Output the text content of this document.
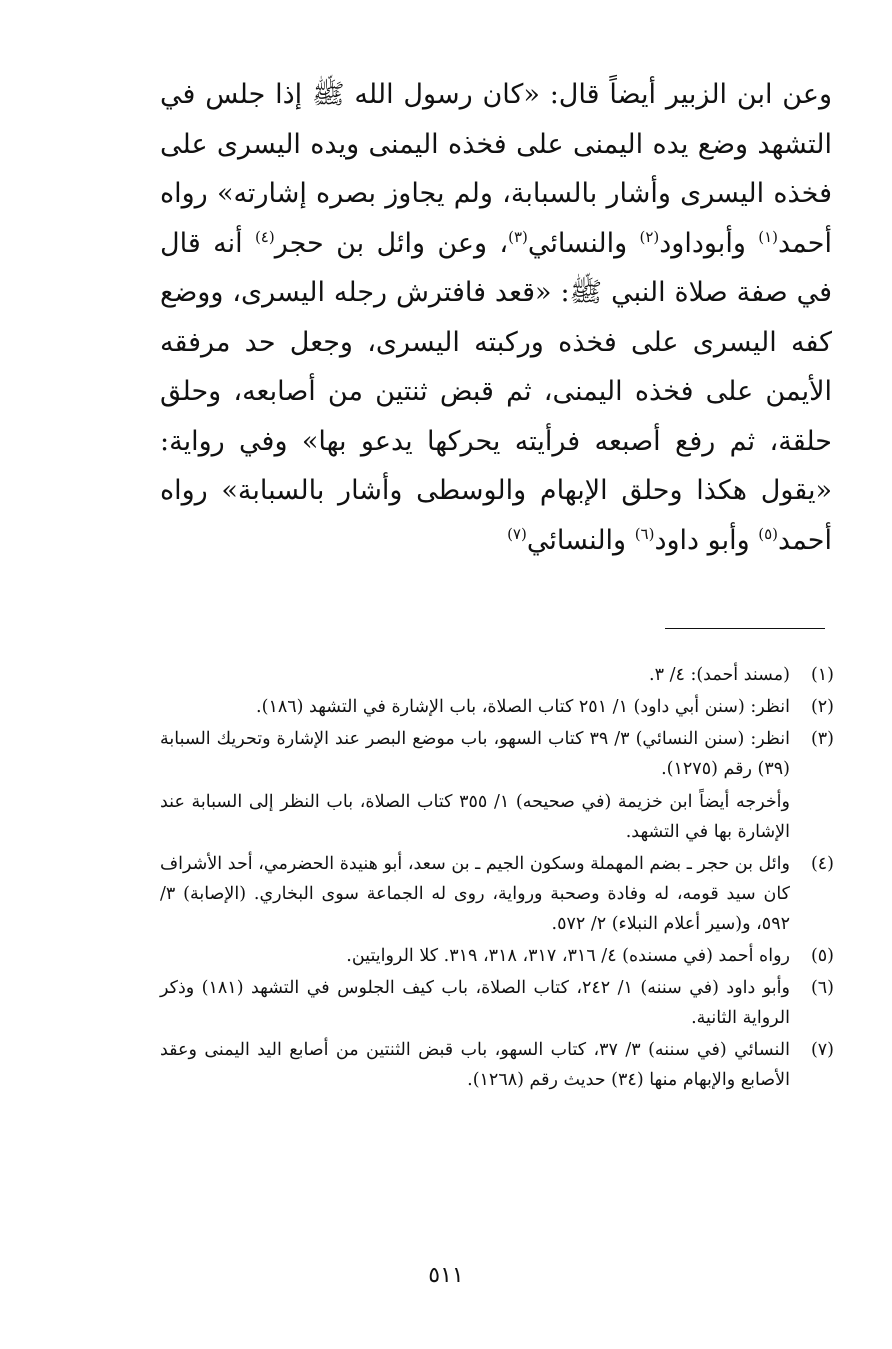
وعن ابن الزبير أيضاً قال: «كان رسول الله ﷺ إذا جلس في التشهد وضع يده اليمنى على فخذه اليمنى ويده اليسرى على فخذه اليسرى وأشار بالسبابة، ولم يجاوز بصره إشارته» رواه أحمد$^{(١)}$ وأبوداود$^{(٢)}$ والنسائي$^{(٣)}$، وعن وائل بن حجر$^{(٤)}$ أنه قال في صفة صلاة النبي ﷺ: «قعد فافترش رجله اليسرى، ووضع كفه اليسرى على فخذه وركبته اليسرى، وجعل حد مرفقه الأيمن على فخذه اليمنى، ثم قبض ثنتين من أصابعه، وحلق حلقة، ثم رفع أصبعه فرأيته يحركها يدعو بها» وفي رواية: «يقول هكذا وحلق الإبهام والوسطى وأشار بالسبابة» رواه أحمد$^{(٥)}$ وأبو داود$^{(٦)}$ والنسائي$^{(٧)}$

(١)

(مسند أحمد): ٤/ ٣.

(٢)

انظر: (سنن أبي داود) ١/ ٢٥١ كتاب الصلاة، باب الإشارة في التشهد (١٨٦).

(٣)

انظر: (سنن النسائي) ٣/ ٣٩ كتاب السهو، باب موضع البصر عند الإشارة وتحريك السبابة (٣٩) رقم (١٢٧٥).

وأخرجه أيضاً ابن خزيمة (في صحيحه) ١/ ٣٥٥ كتاب الصلاة، باب النظر إلى السبابة عند الإشارة بها في التشهد.

(٤)

وائل بن حجر ـ بضم المهملة وسكون الجيم ـ بن سعد، أبو هنيدة الحضرمي، أحد الأشراف كان سيد قومه، له وفادة وصحبة ورواية، روى له الجماعة سوى البخاري. (الإصابة) ٣/ ٥٩٢، و(سير أعلام النبلاء) ٢/ ٥٧٢.

(٥)

رواه أحمد (في مسنده) ٤/ ٣١٦، ٣١٧، ٣١٨، ٣١٩. كلا الروايتين.

(٦)

وأبو داود (في سننه) ١/ ٢٤٢، كتاب الصلاة، باب كيف الجلوس في التشهد (١٨١) وذكر الرواية الثانية.

(٧)

النسائي (في سننه) ٣/ ٣٧، كتاب السهو، باب قبض الثنتين من أصابع اليد اليمنى وعقد الأصابع والإبهام منها (٣٤) حديث رقم (١٢٦٨).

٥١١
